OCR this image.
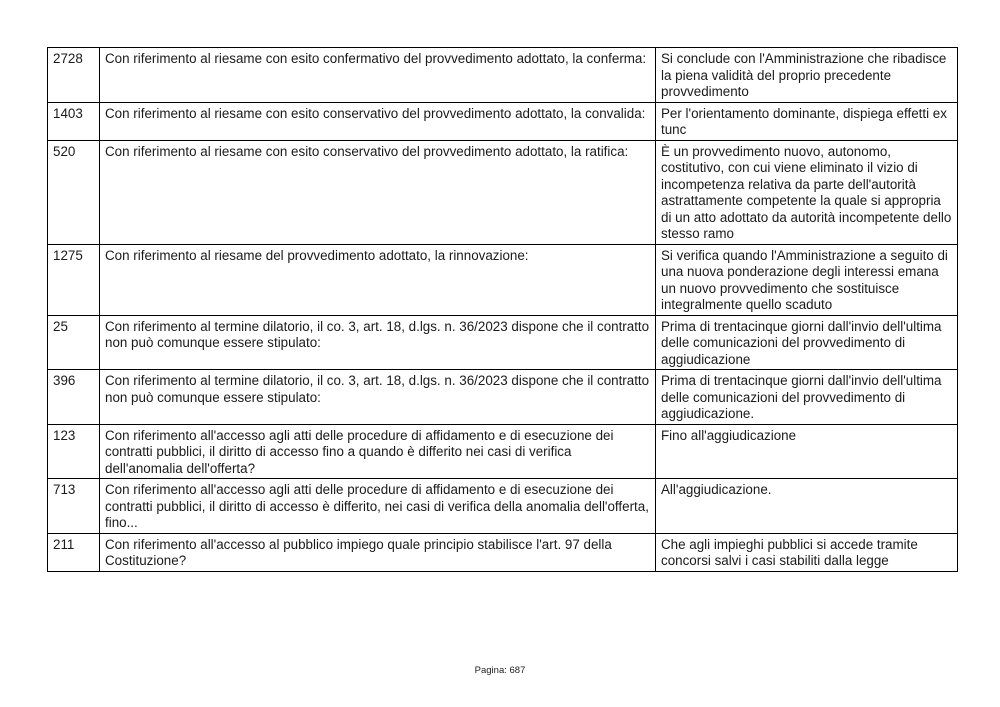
2728	Con riferimento al riesame con esito confermativo del provvedimento adottato, la conferma:	Si conclude con l'Amministrazione che ribadisce la piena validità del proprio precedente provvedimento
1403	Con riferimento al riesame con esito conservativo del provvedimento adottato, la convalida:	Per l'orientamento dominante, dispiega effetti ex tunc
520	Con riferimento al riesame con esito conservativo del provvedimento adottato, la ratifica:	È un provvedimento nuovo, autonomo, costitutivo, con cui viene eliminato il vizio di incompetenza relativa da parte dell'autorità astrattamente competente la quale si appropria di un atto adottato da autorità incompetente dello stesso ramo
1275	Con riferimento al riesame del provvedimento adottato, la rinnovazione:	Si verifica quando l'Amministrazione a seguito di una nuova ponderazione degli interessi emana un nuovo provvedimento che sostituisce integralmente quello scaduto
25	Con riferimento al termine dilatorio, il co. 3, art. 18, d.lgs. n. 36/2023 dispone che il contratto non può comunque essere stipulato:	Prima di trentacinque giorni dall'invio dell'ultima delle comunicazioni del provvedimento di aggiudicazione
396	Con riferimento al termine dilatorio, il co. 3, art. 18, d.lgs. n. 36/2023 dispone che il contratto non può comunque essere stipulato:	Prima di trentacinque giorni dall'invio dell'ultima delle comunicazioni del provvedimento di aggiudicazione.
123	Con riferimento all'accesso agli atti delle procedure di affidamento e di esecuzione dei contratti pubblici, il diritto di accesso fino a quando è differito nei casi di verifica dell'anomalia dell'offerta?	Fino all'aggiudicazione
713	Con riferimento all'accesso agli atti delle procedure di affidamento e di esecuzione dei contratti pubblici, il diritto di accesso è differito, nei casi di verifica della anomalia dell'offerta, fino...	All'aggiudicazione.
211	Con riferimento all'accesso al pubblico impiego quale principio stabilisce l'art. 97 della Costituzione?	Che agli impieghi pubblici si accede tramite concorsi salvi i casi stabiliti dalla legge
Pagina: 687
